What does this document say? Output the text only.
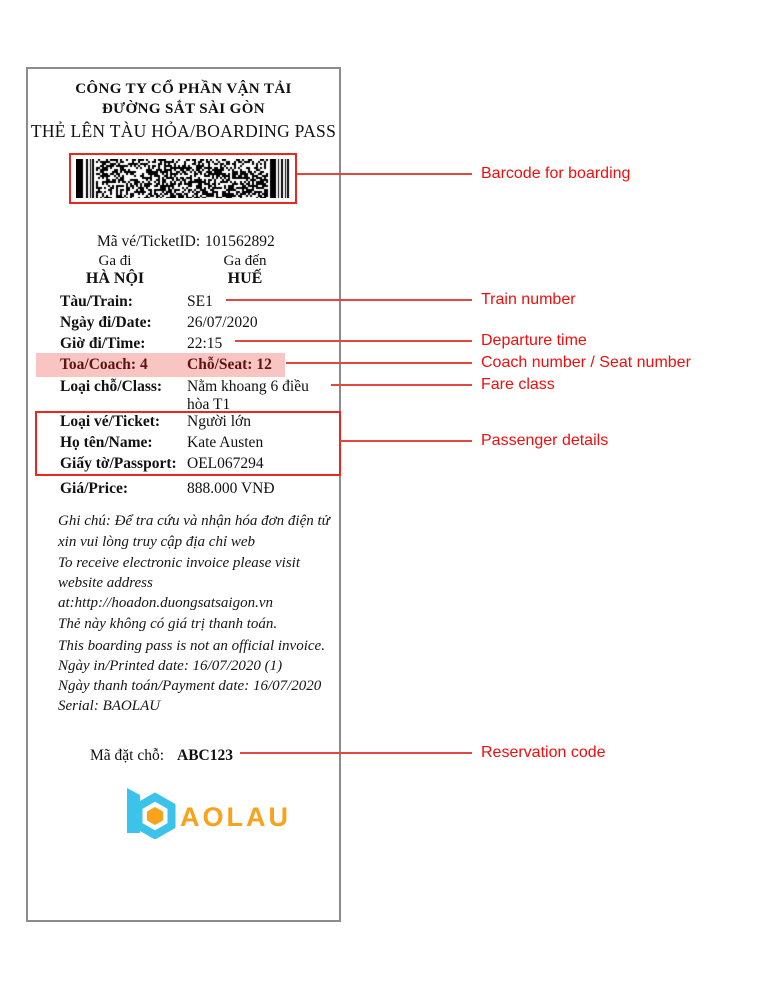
CÔNG TY CỔ PHẦN VẬN TẢI
ĐƯỜNG SẮT SÀI GÒN
THẺ LÊN TÀU HỎA/BOARDING PASS
Mã vé/TicketID: 101562892
Ga đi	Ga đến
HÀ NỘI	HUẾ
Tàu/Train:	SE1
Ngày đi/Date: 26/07/2020
Giờ đi/Time:	22:15
Toa/Coach: 4	Chỗ/Seat: 12
Loại chỗ/Class: Nằm khoang 6 điều
hòa T1
Loại vé/Ticket: Người lớn
Họ tên/Name: Kate Austen
Giấy tờ/Passport: OEL067294
Giá/Price:	888.000 VNĐ
Ghi chú: Để tra cứu và nhận hóa đơn điện tử
xin vui lòng truy cập địa chỉ web
To receive electronic invoice please visit
website address
at:http://hoadon.duongsatsaigon.vn
Thẻ này không có giá trị thanh toán.
This boarding pass is not an official invoice.
Ngày in/Printed date: 16/07/2020 (1)
Ngày thanh toán/Payment date: 16/07/2020
Serial: BAOLAU
Mã đặt chỗ: ABC123
AOLAU
Barcode for boarding
Train number
Departure time
Coach number / Seat number
Fare class
Passenger details
Reservation code
